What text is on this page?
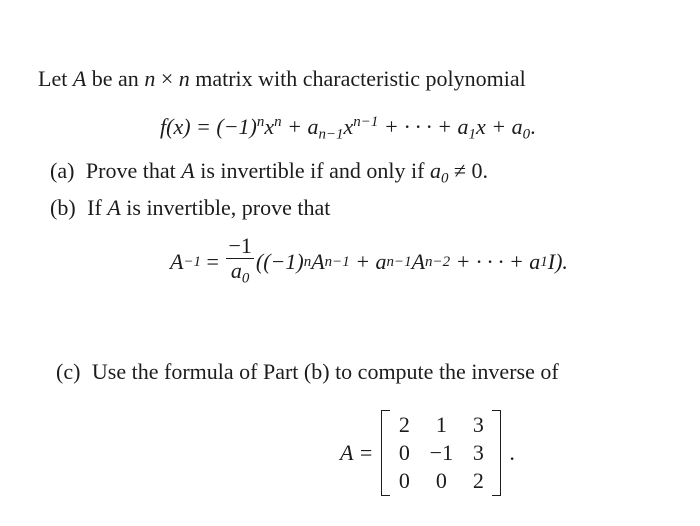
Let A be an n × n matrix with characteristic polynomial
$f(x) = (-1)^nx^n + a_{n-1}x^{n-1}$ + · · · + $a_1x + a_0$.
(a) Prove that A is invertible if and only if $a_0 \ne 0$.
(b) If A is invertible, prove that
$A -1 = \frac{-1}{a_0} ((-1)$ n A n−1 + a n−1 A n−2 + · · · + a 1 I).
(c) Use the formula of Part (b) to compute the inverse of
A =
2	1	3
0 −1 3
0	0	2
.
